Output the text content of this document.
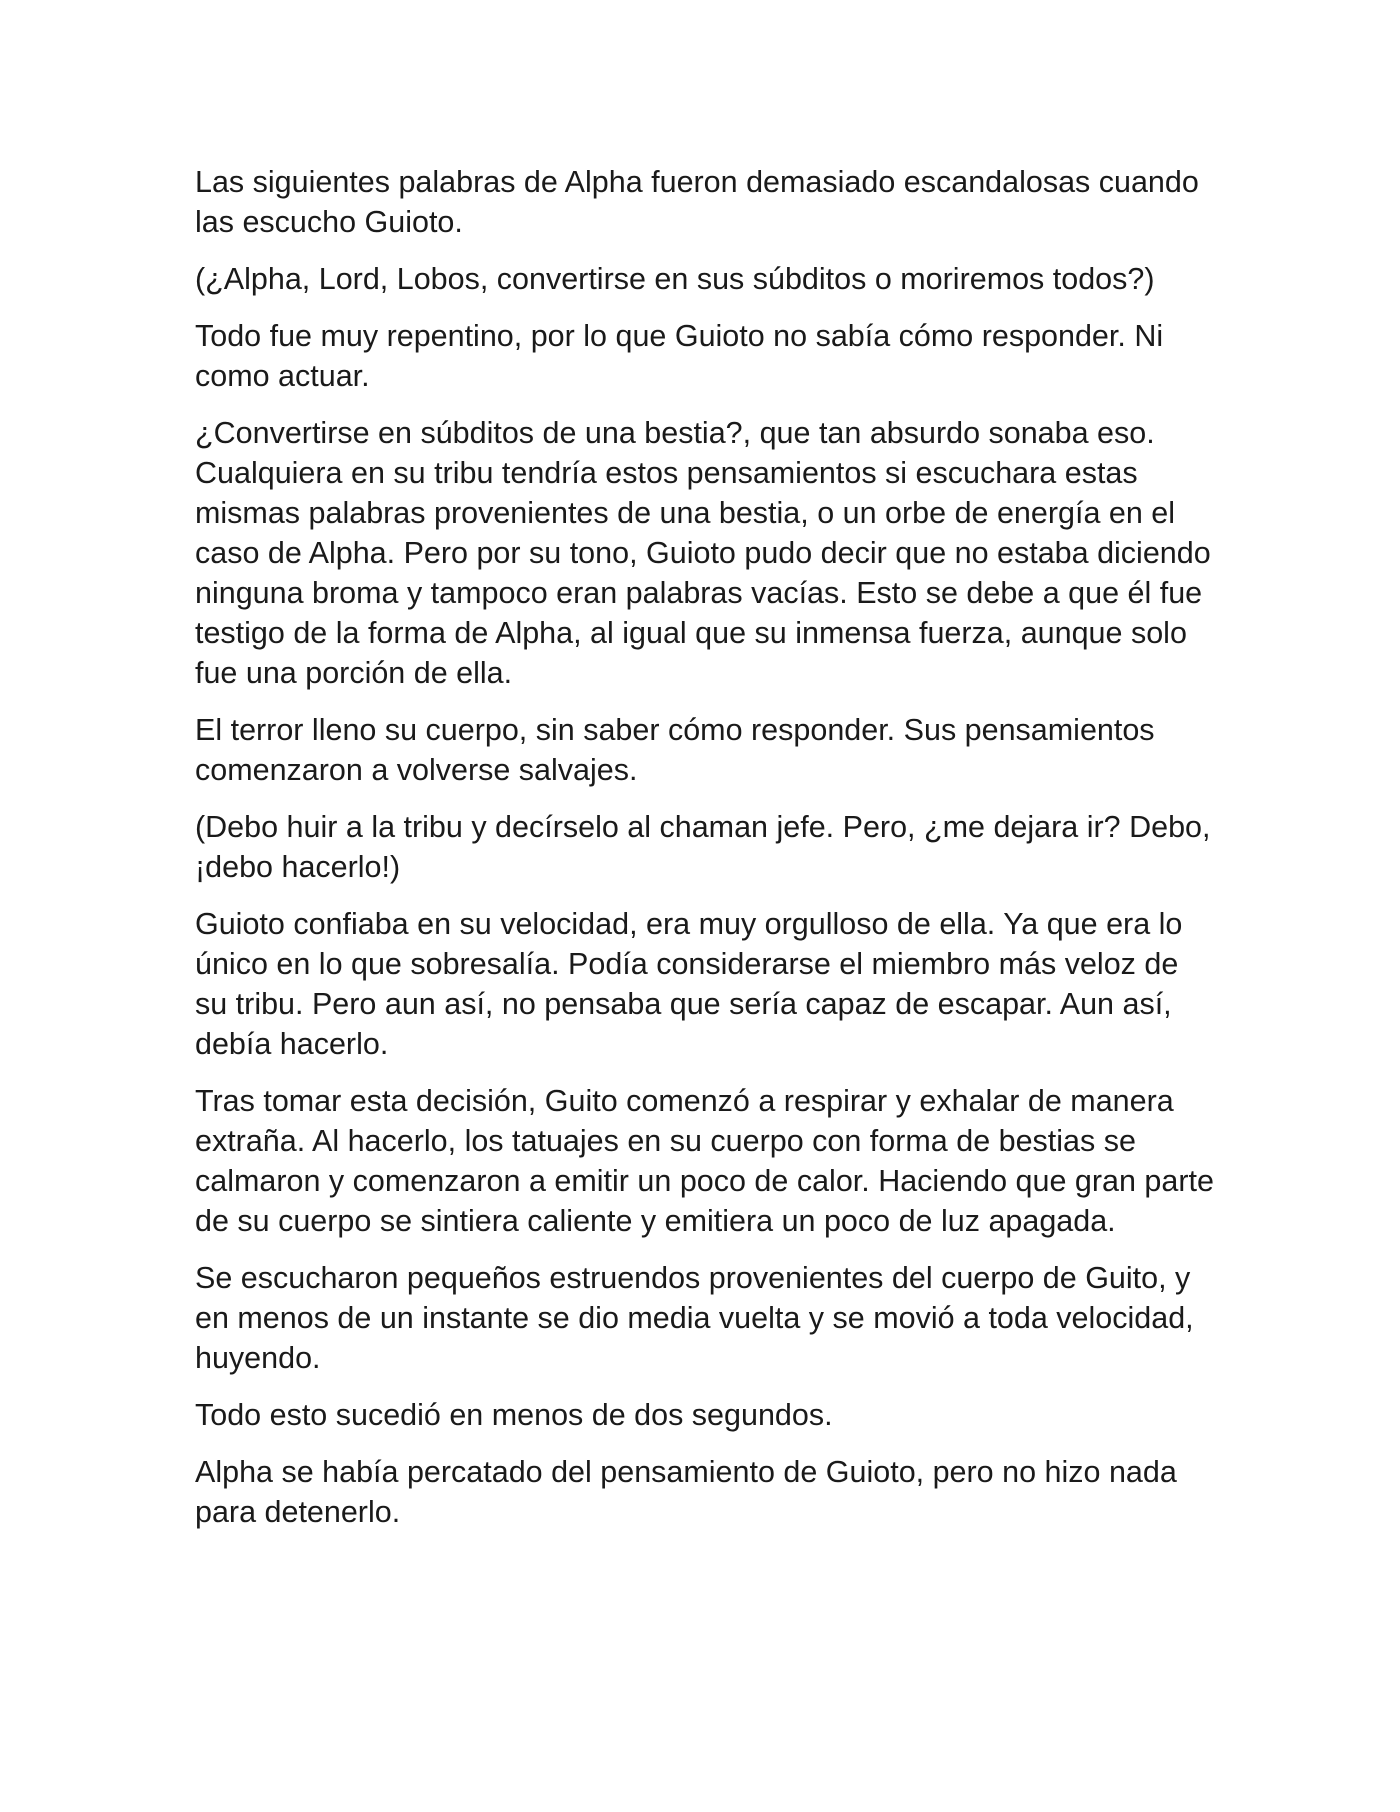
Las siguientes palabras de Alpha fueron demasiado escandalosas cuando las escucho Guioto.

(¿Alpha, Lord, Lobos, convertirse en sus súbditos o moriremos todos?)

Todo fue muy repentino, por lo que Guioto no sabía cómo responder. Ni como actuar.

¿Convertirse en súbditos de una bestia?, que tan absurdo sonaba eso. Cualquiera en su tribu tendría estos pensamientos si escuchara estas mismas palabras provenientes de una bestia, o un orbe de energía en el caso de Alpha. Pero por su tono, Guioto pudo decir que no estaba diciendo ninguna broma y tampoco eran palabras vacías. Esto se debe a que él fue testigo de la forma de Alpha, al igual que su inmensa fuerza, aunque solo fue una porción de ella.

El terror lleno su cuerpo, sin saber cómo responder. Sus pensamientos comenzaron a volverse salvajes.

(Debo huir a la tribu y decírselo al chaman jefe. Pero, ¿me dejara ir? Debo, ¡debo hacerlo!)

Guioto confiaba en su velocidad, era muy orgulloso de ella. Ya que era lo único en lo que sobresalía. Podía considerarse el miembro más veloz de su tribu. Pero aun así, no pensaba que sería capaz de escapar. Aun así, debía hacerlo.

Tras tomar esta decisión, Guito comenzó a respirar y exhalar de manera extraña. Al hacerlo, los tatuajes en su cuerpo con forma de bestias se calmaron y comenzaron a emitir un poco de calor. Haciendo que gran parte de su cuerpo se sintiera caliente y emitiera un poco de luz apagada.

Se escucharon pequeños estruendos provenientes del cuerpo de Guito, y en menos de un instante se dio media vuelta y se movió a toda velocidad, huyendo.

Todo esto sucedió en menos de dos segundos.

Alpha se había percatado del pensamiento de Guioto, pero no hizo nada para detenerlo.
